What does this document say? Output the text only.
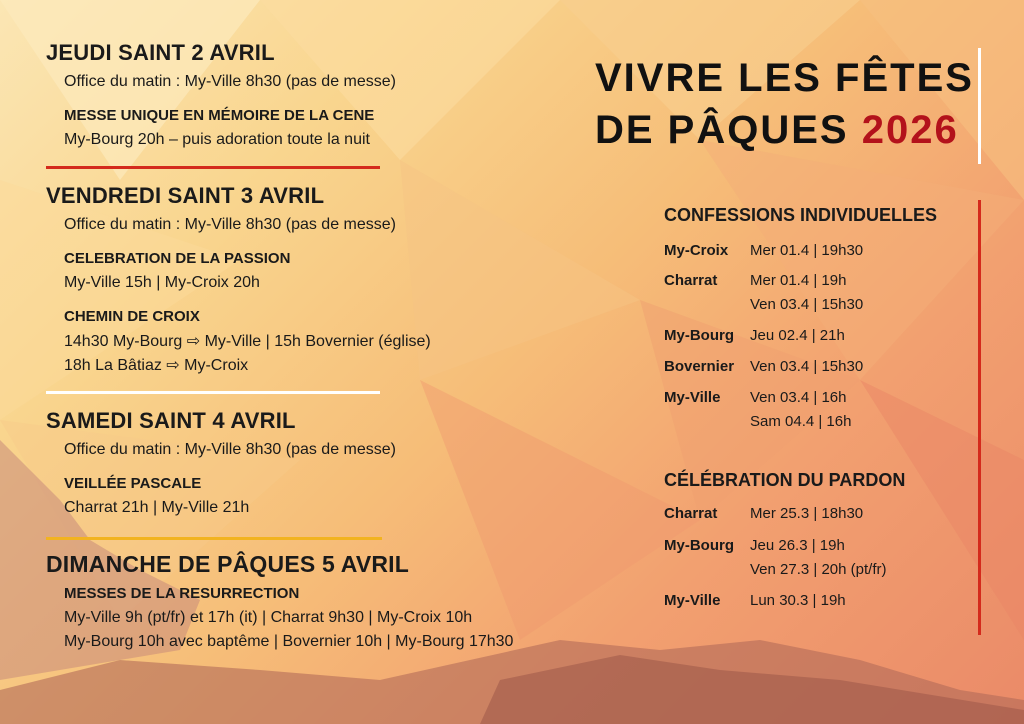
JEUDI SAINT 2 AVRIL
Office du matin : My-Ville 8h30 (pas de messe)
MESSE UNIQUE EN MÉMOIRE DE LA CENE
My-Bourg 20h – puis adoration toute la nuit
VENDREDI SAINT 3 AVRIL
Office du matin : My-Ville 8h30 (pas de messe)
CELEBRATION DE LA PASSION
My-Ville 15h | My-Croix 20h
CHEMIN DE CROIX
14h30 My-Bourg ⇨ My-Ville | 15h Bovernier (église)
18h La Bâtiaz ⇨ My-Croix
SAMEDI SAINT 4 AVRIL
Office du matin : My-Ville 8h30 (pas de messe)
VEILLÉE PASCALE
Charrat 21h | My-Ville 21h
DIMANCHE DE PÂQUES 5 AVRIL
MESSES DE LA RESURRECTION
My-Ville 9h (pt/fr) et 17h (it) | Charrat 9h30 | My-Croix 10h
My-Bourg 10h avec baptême | Bovernier 10h | My-Bourg 17h30
VIVRE LES FÊTES
DE PÂQUES 2026
CONFESSIONS INDIVIDUELLES
My-Croix Mer 01.4 | 19h30
Charrat Mer 01.4 | 19h
Ven 03.4 | 15h30
My-Bourg Jeu 02.4 | 21h
Bovernier Ven 03.4 | 15h30
My-Ville Ven 03.4 | 16h
Sam 04.4 | 16h
CÉLÉBRATION DU PARDON
Charrat Mer 25.3 | 18h30
My-Bourg Jeu 26.3 | 19h
Ven 27.3 | 20h (pt/fr)
My-Ville Lun 30.3 | 19h
